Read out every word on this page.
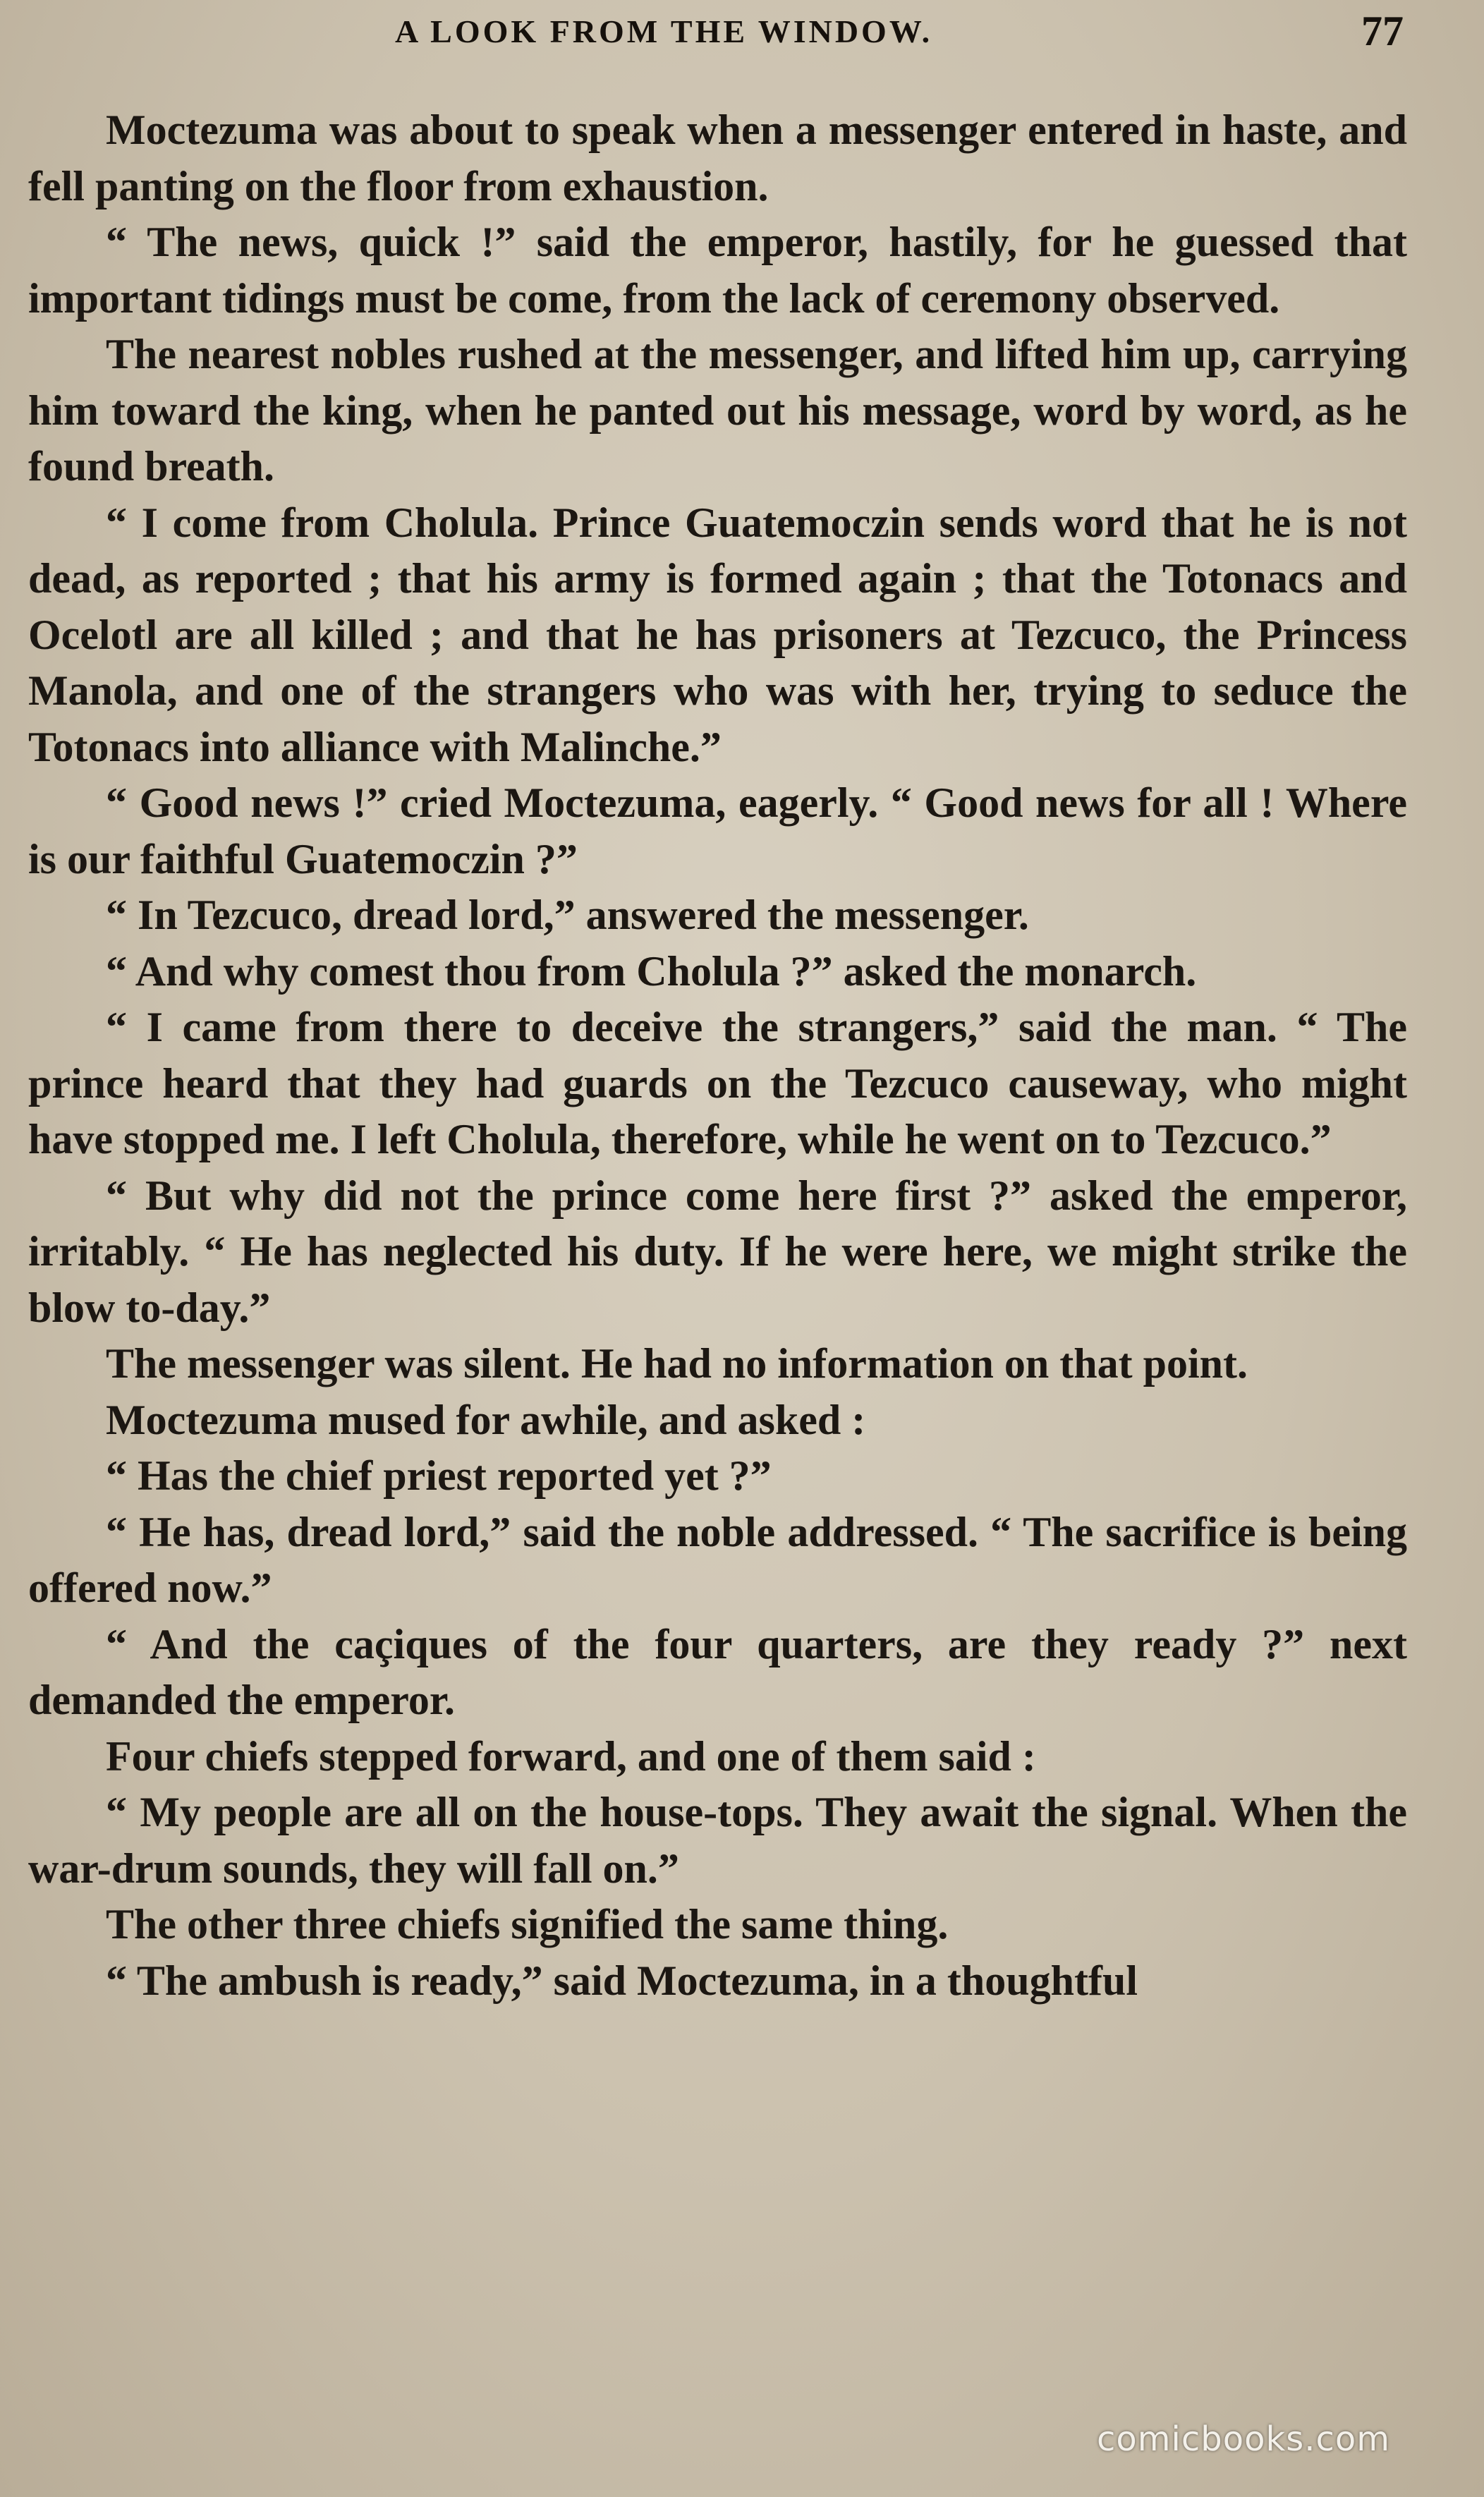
A LOOK FROM THE WINDOW.	77

Moctezuma was about to speak when a messenger entered in haste, and fell panting on the floor from exhaustion.

“ The news, quick !” said the emperor, hastily, for he guessed that important tidings must be come, from the lack of ceremony observed.

The nearest nobles rushed at the messenger, and lifted him up, carrying him toward the king, when he panted out his message, word by word, as he found breath.

“ I come from Cholula. Prince Guatemoczin sends word that he is not dead, as reported ; that his army is formed again ; that the Totonacs and Ocelotl are all killed ; and that he has prisoners at Tezcuco, the Princess Manola, and one of the strangers who was with her, trying to seduce the Totonacs into alliance with Malinche.”

“ Good news !” cried Moctezuma, eagerly. “ Good news for all ! Where is our faithful Guatemoczin ?”

“ In Tezcuco, dread lord,” answered the messenger.

“ And why comest thou from Cholula ?” asked the monarch.

“ I came from there to deceive the strangers,” said the man. “ The prince heard that they had guards on the Tezcuco causeway, who might have stopped me. I left Cholula, therefore, while he went on to Tezcuco.”

“ But why did not the prince come here first ?” asked the emperor, irritably. “ He has neglected his duty. If he were here, we might strike the blow to-day.”

The messenger was silent. He had no information on that point.

Moctezuma mused for awhile, and asked :

“ Has the chief priest reported yet ?”

“ He has, dread lord,” said the noble addressed. “ The sacrifice is being offered now.”

“ And the caçiques of the four quarters, are they ready ?” next demanded the emperor.

Four chiefs stepped forward, and one of them said :

“ My people are all on the house-tops. They await the signal. When the war-drum sounds, they will fall on.”

The other three chiefs signified the same thing.

“ The ambush is ready,” said Moctezuma, in a thoughtful

comicbooks.com
